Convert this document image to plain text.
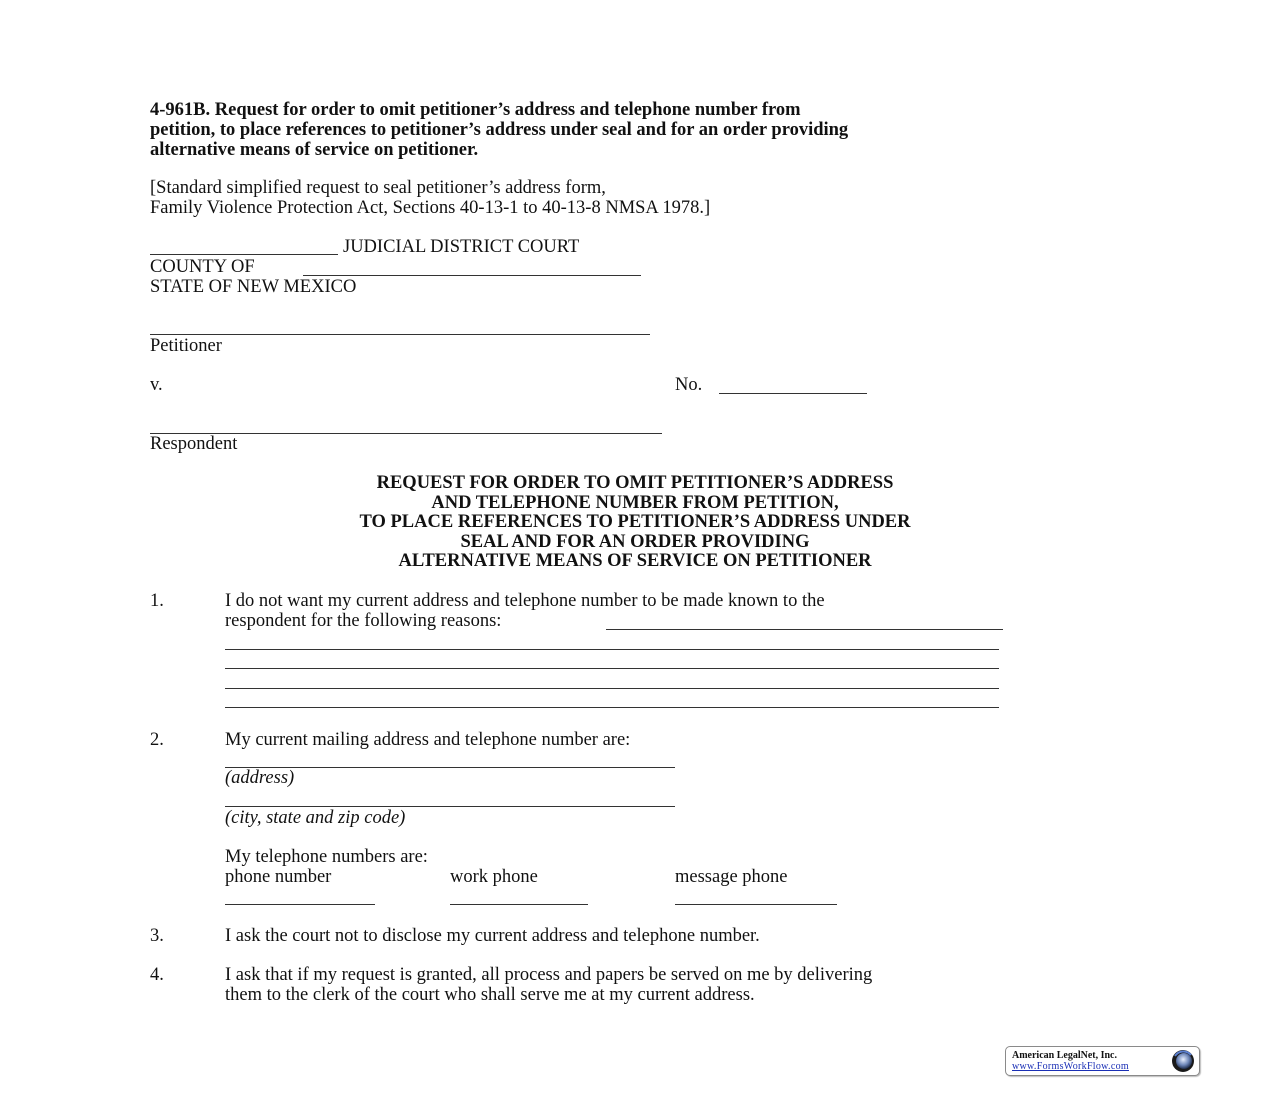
4-961B. Request for order to omit petitioner’s address and telephone number from
petition, to place references to petitioner’s address under seal and for an order providing
alternative means of service on petitioner.
[Standard simplified request to seal petitioner’s address form,
Family Violence Protection Act, Sections 40-13-1 to 40-13-8 NMSA 1978.]
JUDICIAL DISTRICT COURT
COUNTY OF
STATE OF NEW MEXICO
Petitioner
v.	No.
Respondent
REQUEST FOR ORDER TO OMIT PETITIONER’S ADDRESS
AND TELEPHONE NUMBER FROM PETITION,
TO PLACE REFERENCES TO PETITIONER’S ADDRESS UNDER
SEAL AND FOR AN ORDER PROVIDING
ALTERNATIVE MEANS OF SERVICE ON PETITIONER
1.	I do not want my current address and telephone number to be made known to the
respondent for the following reasons:
2.	My current mailing address and telephone number are:
(address)
(city, state and zip code)
My telephone numbers are:
phone number	work phone	message phone
3.	I ask the court not to disclose my current address and telephone number.
4.	I ask that if my request is granted, all process and papers be served on me by delivering
them to the clerk of the court who shall serve me at my current address.
American LegalNet, Inc.
www.FormsWorkFlow.com
